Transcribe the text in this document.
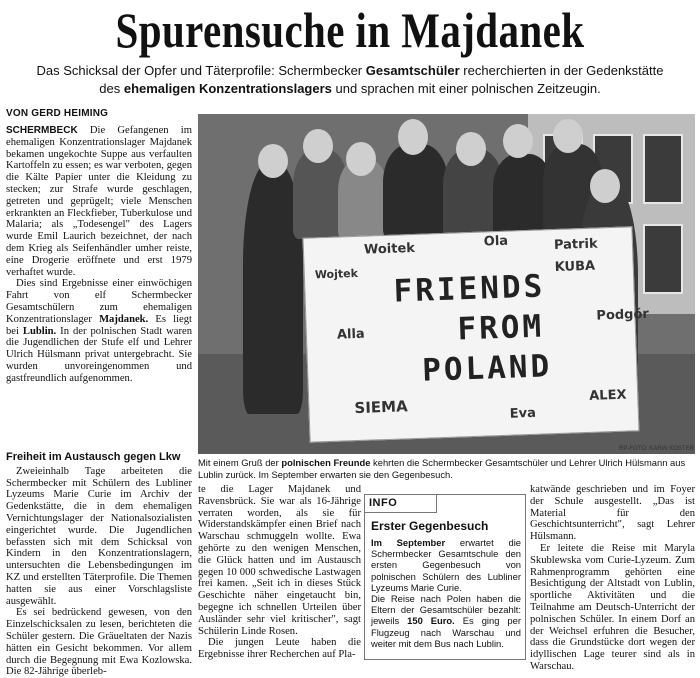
Spurensuche in Majdanek
Das Schicksal der Opfer und Täterprofile: Schermbecker Gesamtschüler recherchierten in der Gedenkstätte des ehemaligen Konzentrationslagers und sprachen mit einer polnischen Zeitzeugin.
VON GERD HEIMING

SCHERMBECK Die Gefangenen im ehemaligen Konzentrationslager Majdanek bekamen ungekochte Suppe aus verfaulten Kartoffeln zu essen; es war verboten, gegen die Kälte Papier unter die Kleidung zu stecken; zur Strafe wurde geschlagen, getreten und geprügelt; viele Menschen erkrankten an Fleckfieber, Tuberkulose und Malaria; als „Todesengel" des Lagers wurde Emil Laurich bezeichnet, der nach dem Krieg als Seifenhändler umher reiste, eine Drogerie eröffnete und erst 1979 verhaftet wurde.

Dies sind Ergebnisse einer einwöchigen Fahrt von elf Schermbecker Gesamtschülern zum ehemaligen Konzentrationslager Majdanek. Es liegt bei Lublin. In der polnischen Stadt waren die Jugendlichen der Stufe elf und Lehrer Ulrich Hülsmann privat untergebracht. Sie wurden unvoreingenommen und gastfreundlich aufgenommen.

Freiheit im Austausch gegen Lkw

Zweieinhalb Tage arbeiteten die Schermbecker mit Schülern des Lubliner Lyzeums Marie Curie im Archiv der Gedenkstätte, die in dem ehemaligen Vernichtungslager der Nationalsozialisten eingerichtet wurde. Die Jugendlichen befassten sich mit dem Schicksal von Kindern in den Konzentrationslagern, untersuchten die Lebensbedingungen im KZ und erstellten Täterprofile. Die Themen hatten sie aus einer Vorschlagsliste ausgewählt.

Es sei bedrückend gewesen, von den Einzelschicksalen zu lesen, berichteten die Schüler gestern. Die Gräueltaten der Nazis hätten ein Gesicht bekommen. Vor allem durch die Begegnung mit Ewa Kozlowska. Die 82-Jährige überleb-

FRIENDS
FROM
POLAND
Woitek	Ola	Patrik
KUBA
Alla
Podgór
SIEMA
ALEX
Eva
Wojtek
RP-FOTO: KARIN KOSTER
Mit einem Gruß der polnischen Freunde kehrten die Schermbecker Gesamtschüler und Lehrer Ulrich Hülsmann aus Lublin zurück. Im September erwarten sie den Gegenbesuch.

te die Lager Majdanek und Ravensbrück. Sie war als 16-Jährige verraten worden, als sie für Widerstandskämpfer einen Brief nach Warschau schmuggeln wollte. Ewa gehörte zu den wenigen Menschen, die Glück hatten und im Austausch gegen 10 000 schwedische Lastwagen frei kamen. „Seit ich in dieses Stück Geschichte näher eingetaucht bin, begegne ich schnellen Urteilen über Ausländer sehr viel kritischer", sagt Schülerin Linde Rosen.

Die jungen Leute haben die Ergebnisse ihrer Recherchen auf Pla-

INFO
Erster Gegenbesuch
Im September erwartet die Schermbecker Gesamtschule den ersten Gegenbesuch von polnischen Schülern des Lubliner Lyzeums Marie Curie.
Die Reise nach Polen haben die Eltern der Gesamtschüler bezahlt: jeweils 150 Euro. Es ging per Flugzeug nach Warschau und weiter mit dem Bus nach Lublin.

katwände geschrieben und im Foyer der Schule ausgestellt. „Das ist Material für den Geschichtsunterricht", sagt Lehrer Hülsmann.

Er leitete die Reise mit Maryla Skublewska vom Curie-Lyzeum. Zum Rahmenprogramm gehörten eine Besichtigung der Altstadt von Lublin, sportliche Aktivitäten und die Teilnahme am Deutsch-Unterricht der polnischen Schüler. In einem Dorf an der Weichsel erfuhren die Besucher, dass die Grundstücke dort wegen der idyllischen Lage teurer sind als in Warschau.
